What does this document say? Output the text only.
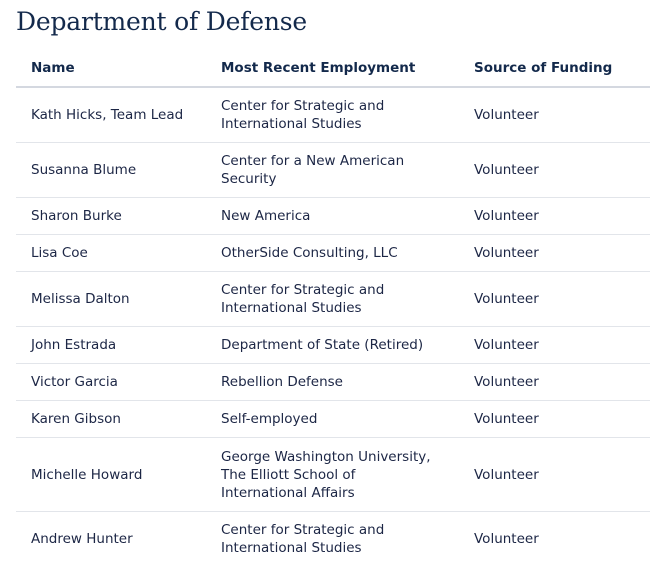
Department of Defense
Name	Most Recent Employment	Source of Funding

Kath Hicks, Team Lead	Center for Strategic and International Studies	Volunteer

Susanna Blume	Center for a New American Security	Volunteer

Sharon Burke	New America	Volunteer

Lisa Coe	OtherSide Consulting, LLC	Volunteer

Melissa Dalton	Center for Strategic and International Studies	Volunteer

John Estrada	Department of State (Retired)	Volunteer

Victor Garcia	Rebellion Defense	Volunteer

Karen Gibson	Self-employed	Volunteer

Michelle Howard	George Washington University, The Elliott School of International Affairs	Volunteer

Andrew Hunter	Center for Strategic and International Studies	Volunteer
